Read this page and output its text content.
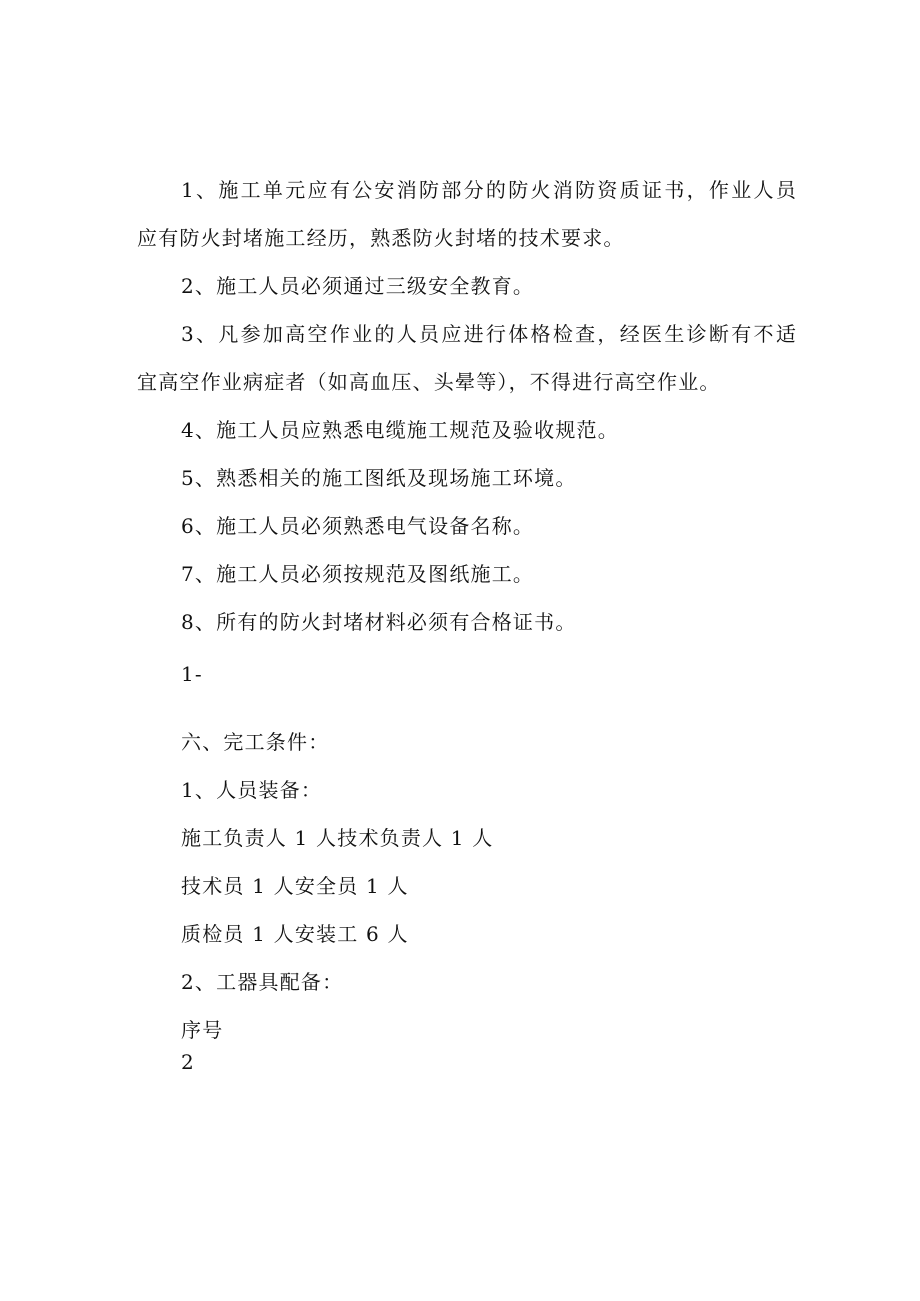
1、施工单元应有公安消防部分的防火消防资质证书，作业人员
应有防火封堵施工经历，熟悉防火封堵的技术要求。
2、施工人员必须通过三级安全教育。
3、凡参加高空作业的人员应进行体格检查，经医生诊断有不适
宜高空作业病症者（如高血压、头晕等），不得进行高空作业。
4、施工人员应熟悉电缆施工规范及验收规范。
5、熟悉相关的施工图纸及现场施工环境。
6、施工人员必须熟悉电气设备名称。
7、施工人员必须按规范及图纸施工。
8、所有的防火封堵材料必须有合格证书。
1-
六、完工条件：
1、人员装备：
施工负责人 1 人技术负责人 1 人
技术员 1 人安全员 1 人
质检员 1 人安装工 6 人
2、工器具配备：
序号
2
